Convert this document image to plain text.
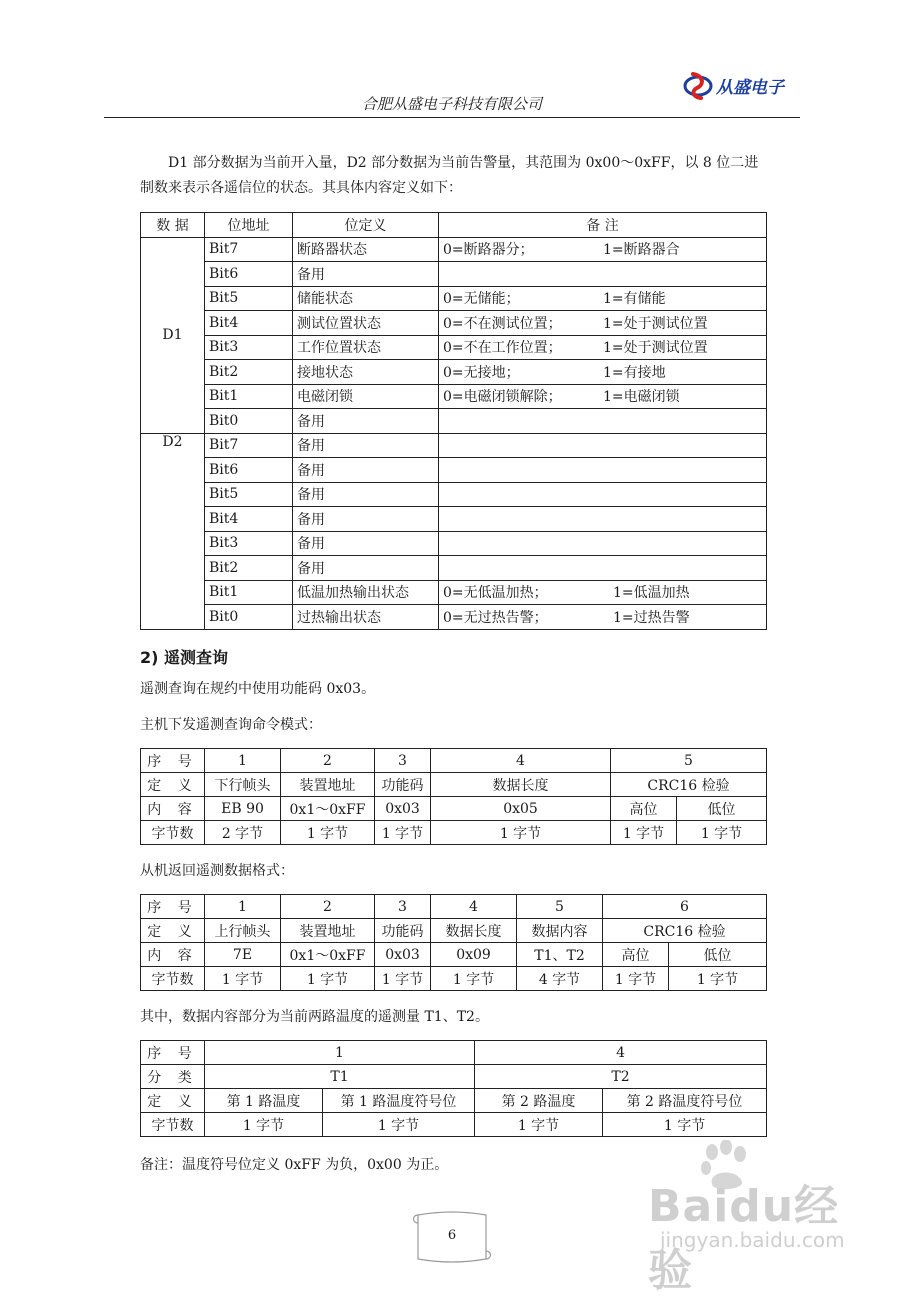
从盛电子
合肥从盛电子科技有限公司
D1 部分数据为当前开入量，D2 部分数据为当前告警量，其范围为 0x00～0xFF，以 8 位二进
制数来表示各遥信位的状态。其具体内容定义如下：
数 据	位地址	位定义	备 注
D1	Bit7	断路器状态	0=断路器分； 1=断路器合
	Bit6	备用	
	Bit5	储能状态	0=无储能； 1=有储能
	Bit4	测试位置状态	0=不在测试位置； 1=处于测试位置
	Bit3	工作位置状态	0=不在工作位置； 1=处于测试位置
	Bit2	接地状态	0=无接地； 1=有接地
	Bit1	电磁闭锁	0=电磁闭锁解除； 1=电磁闭锁
	Bit0	备用	
D2	Bit7	备用	
	Bit6	备用	
	Bit5	备用	
	Bit4	备用	
	Bit3	备用	
	Bit2	备用	
	Bit1	低温加热输出状态	0=无低温加热； 1=低温加热
	Bit0	过热输出状态	0=无过热告警； 1=过热告警
2) 遥测查询
遥测查询在规约中使用功能码 0x03。
主机下发遥测查询命令模式：
序 号	1	2	3	4	5	
定 义	下行帧头	装置地址	功能码	数据长度	CRC16 检验	
内 容	EB 90	0x1～0xFF	0x03	0x05	高位	低位
字节数	2 字节	1 字节	1 字节	1 字节	1 字节	1 字节
从机返回遥测数据格式：
序 号	1	2	3	4	5	6	
定 义	上行帧头	装置地址	功能码	数据长度	数据内容	CRC16 检验	
内 容	7E	0x1～0xFF	0x03	0x09	T1、T2	高位	低位
字节数	1 字节	1 字节	1 字节	1 字节	4 字节	1 字节	1 字节
其中，数据内容部分为当前两路温度的遥测量 T1、T2。
序 号	1		4	
分 类	T1		T2	
定 义	第 1 路温度	第 1 路温度符号位	第 2 路温度	第 2 路温度符号位
字节数	1 字节	1 字节	1 字节	1 字节
备注：温度符号位定义 0xFF 为负，0x00 为正。
Baidu经验
jingyan.baidu.com
6
